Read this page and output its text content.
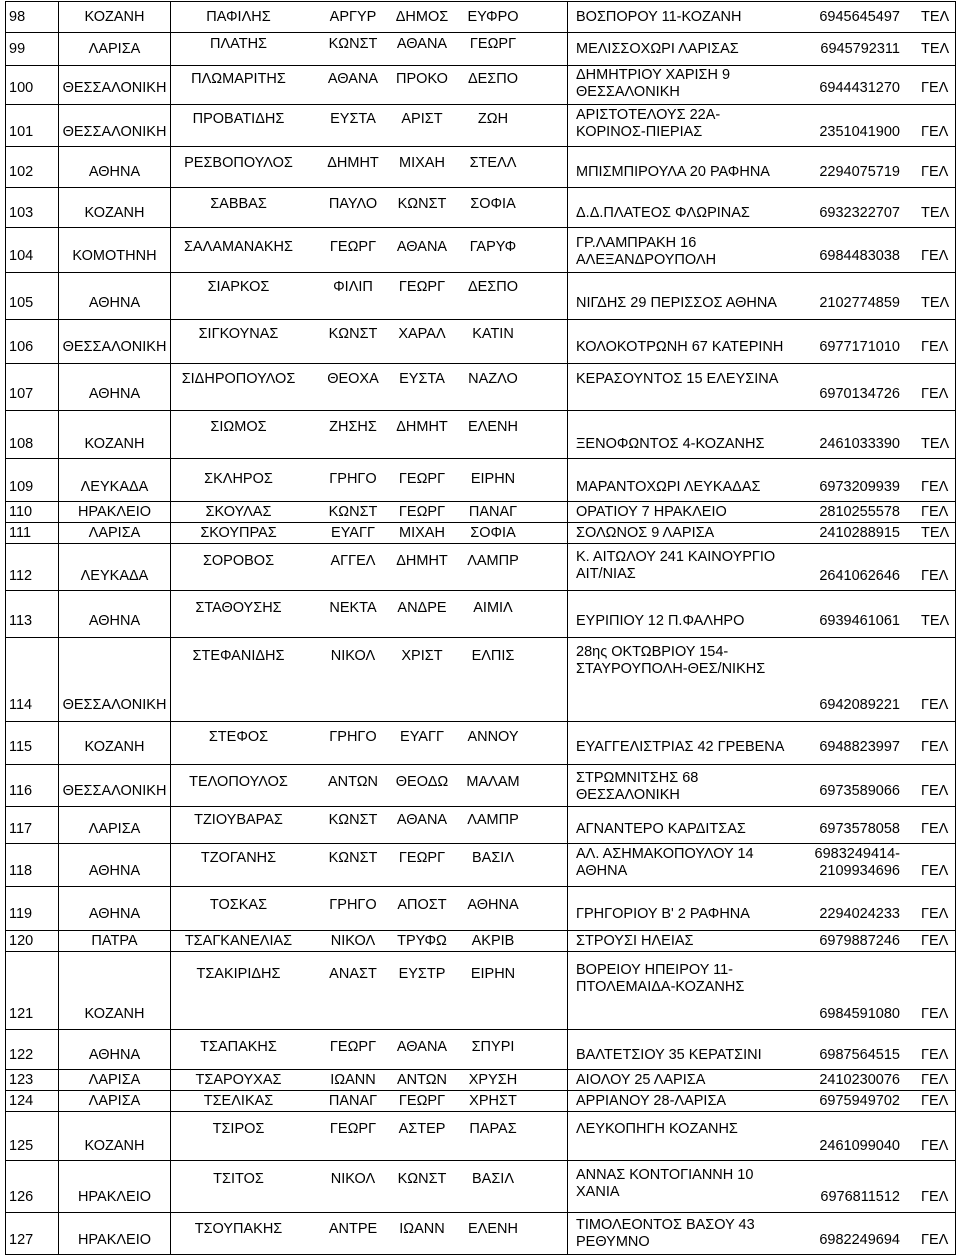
98	ΚΟΖΑΝΗ	ΠΑΦΙΛΗΣ ΑΡΓΥΡ ΔΗΜΟΣ ΕΥΦΡΟ	ΒΟΣΠΟΡΟΥ 11-ΚΟΖΑΝΗ 6945645497 ΤΕΛ

99	ΛΑΡΙΣΑ	ΠΛΑΤΗΣ ΚΩΝΣΤ ΑΘΑΝΑ ΓΕΩΡΓ	ΜΕΛΙΣΣΟΧΩΡΙ ΛΑΡΙΣΑΣ 6945792311 ΤΕΛ

100	ΘΕΣΣΑΛΟΝΙΚΗ	ΠΛΩΜΑΡΙΤΗΣ ΑΘΑΝΑ ΠΡΟΚΟ ΔΕΣΠΟ	ΔΗΜΗΤΡΙΟΥ ΧΑΡΙΣΗ 9
ΘΕΣΣΑΛΟΝΙΚΗ 6944431270 ΓΕΛ

101	ΘΕΣΣΑΛΟΝΙΚΗ	ΠΡΟΒΑΤΙΔΗΣ ΕΥΣΤΑ ΑΡΙΣΤ ΖΩΗ	ΑΡΙΣΤΟΤΕΛΟΥΣ 22Α-
ΚΟΡΙΝΟΣ-ΠΙΕΡΙΑΣ 2351041900 ΓΕΛ

102	ΑΘΗΝΑ	ΡΕΣΒΟΠΟΥΛΟΣ ΔΗΜΗΤ ΜΙΧΑΗ ΣΤΕΛΛ	ΜΠΙΣΜΠΙΡΟΥΛΑ 20 ΡΑΦΗΝΑ 2294075719 ΓΕΛ

103	ΚΟΖΑΝΗ	ΣΑΒΒΑΣ ΠΑΥΛΟ ΚΩΝΣΤ ΣΟΦΙΑ	Δ.Δ.ΠΛΑΤΕΟΣ ΦΛΩΡΙΝΑΣ 6932322707 ΤΕΛ

104	ΚΟΜΟΤΗΝΗ	ΣΑΛΑΜΑΝΑΚΗΣ ΓΕΩΡΓ ΑΘΑΝΑ ΓΑΡΥΦ	ΓΡ.ΛΑΜΠΡΑΚΗ 16
ΑΛΕΞΑΝΔΡΟΥΠΟΛΗ 6984483038 ΓΕΛ

105	ΑΘΗΝΑ	ΣΙΑΡΚΟΣ ΦΙΛΙΠ ΓΕΩΡΓ ΔΕΣΠΟ	ΝΙΓΔΗΣ 29 ΠΕΡΙΣΣΟΣ ΑΘΗΝΑ 2102774859 ΤΕΛ

106	ΘΕΣΣΑΛΟΝΙΚΗ	ΣΙΓΚΟΥΝΑΣ ΚΩΝΣΤ ΧΑΡΑΛ ΚΑΤΙΝ	ΚΟΛΟΚΟΤΡΩΝΗ 67 ΚΑΤΕΡΙΝΗ 6977171010 ΓΕΛ

107	ΑΘΗΝΑ	ΣΙΔΗΡΟΠΟΥΛΟΣ ΘΕΟΧΑ ΕΥΣΤΑ ΝΑΖΛΟ	ΚΕΡΑΣΟΥΝΤΟΣ 15 ΕΛΕΥΣΙΝΑ
6970134726 ΓΕΛ

108	ΚΟΖΑΝΗ	ΣΙΩΜΟΣ ΖΗΣΗΣ ΔΗΜΗΤ ΕΛΕΝΗ	ΞΕΝΟΦΩΝΤΟΣ 4-ΚΟΖΑΝΗΣ 2461033390 ΤΕΛ

109	ΛΕΥΚΑΔΑ	ΣΚΛΗΡΟΣ ΓΡΗΓΟ ΓΕΩΡΓ ΕΙΡΗΝ	ΜΑΡΑΝΤΟΧΩΡΙ ΛΕΥΚΑΔΑΣ 6973209939 ΓΕΛ

110	ΗΡΑΚΛΕΙΟ	ΣΚΟΥΛΑΣ ΚΩΝΣΤ ΓΕΩΡΓ ΠΑΝΑΓ	ΟΡΑΤΙΟΥ 7 ΗΡΑΚΛΕΙΟ 2810255578 ΓΕΛ

111	ΛΑΡΙΣΑ	ΣΚΟΥΠΡΑΣ ΕΥΑΓΓ ΜΙΧΑΗ ΣΟΦΙΑ	ΣΟΛΩΝΟΣ 9 ΛΑΡΙΣΑ 2410288915 ΤΕΛ

112	ΛΕΥΚΑΔΑ	ΣΟΡΟΒΟΣ ΑΓΓΕΛ ΔΗΜΗΤ ΛΑΜΠΡ	Κ. ΑΙΤΩΛΟΥ 241 ΚΑΙΝΟΥΡΓΙΟ
ΑΙΤ/ΝΙΑΣ 2641062646 ΓΕΛ

113	ΑΘΗΝΑ	ΣΤΑΘΟΥΣΗΣ ΝΕΚΤΑ ΑΝΔΡΕ ΑΙΜΙΛ	ΕΥΡΙΠΙΟΥ 12 Π.ΦΑΛΗΡΟ 6939461061 ΤΕΛ

114	ΘΕΣΣΑΛΟΝΙΚΗ	ΣΤΕΦΑΝΙΔΗΣ ΝΙΚΟΛ ΧΡΙΣΤ ΕΛΠΙΣ	28ης ΟΚΤΩΒΡΙΟΥ 154-
ΣΤΑΥΡΟΥΠΟΛΗ-ΘΕΣ/ΝΙΚΗΣ
6942089221 ΓΕΛ

115	ΚΟΖΑΝΗ	ΣΤΕΦΟΣ ΓΡΗΓΟ ΕΥΑΓΓ ΑΝΝΟΥ	ΕΥΑΓΓΕΛΙΣΤΡΙΑΣ 42 ΓΡΕΒΕΝΑ 6948823997 ΓΕΛ

116	ΘΕΣΣΑΛΟΝΙΚΗ	ΤΕΛΟΠΟΥΛΟΣ ΑΝΤΩΝ ΘΕΟΔΩ ΜΑΛΑΜ	ΣΤΡΩΜΝΙΤΣΗΣ 68
ΘΕΣΣΑΛΟΝΙΚΗ 6973589066 ΓΕΛ

117	ΛΑΡΙΣΑ	ΤΖΙΟΥΒΑΡΑΣ ΚΩΝΣΤ ΑΘΑΝΑ ΛΑΜΠΡ	ΑΓΝΑΝΤΕΡΟ ΚΑΡΔΙΤΣΑΣ 6973578058 ΓΕΛ

118	ΑΘΗΝΑ	ΤΖΟΓΑΝΗΣ ΚΩΝΣΤ ΓΕΩΡΓ ΒΑΣΙΛ	ΑΛ. ΑΣΗΜΑΚΟΠΟΥΛΟΥ 14
ΑΘΗΝΑ
6983249414-
2109934696 ΓΕΛ

119	ΑΘΗΝΑ	ΤΟΣΚΑΣ ΓΡΗΓΟ ΑΠΟΣΤ ΑΘΗΝΑ	ΓΡΗΓΟΡΙΟΥ Β' 2 ΡΑΦΗΝΑ 2294024233 ΓΕΛ

120	ΠΑΤΡΑ	ΤΣΑΓΚΑΝΕΛΙΑΣ ΝΙΚΟΛ ΤΡΥΦΩ ΑΚΡΙΒ	ΣΤΡΟΥΣΙ ΗΛΕΙΑΣ 6979887246 ΓΕΛ

121	ΚΟΖΑΝΗ	ΤΣΑΚΙΡΙΔΗΣ ΑΝΑΣΤ ΕΥΣΤΡ ΕΙΡΗΝ	ΒΟΡΕΙΟΥ ΗΠΕΙΡΟΥ 11-
ΠΤΟΛΕΜΑΙΔΑ-ΚΟΖΑΝΗΣ
6984591080 ΓΕΛ

122	ΑΘΗΝΑ	ΤΣΑΠΑΚΗΣ ΓΕΩΡΓ ΑΘΑΝΑ ΣΠΥΡΙ	ΒΑΛΤΕΤΣΙΟΥ 35 ΚΕΡΑΤΣΙΝΙ 6987564515 ΓΕΛ

123	ΛΑΡΙΣΑ	ΤΣΑΡΟΥΧΑΣ ΙΩΑΝΝ ΑΝΤΩΝ ΧΡΥΣΗ	ΑΙΟΛΟΥ 25 ΛΑΡΙΣΑ 2410230076 ΓΕΛ

124	ΛΑΡΙΣΑ	ΤΣΕΛΙΚΑΣ ΠΑΝΑΓ ΓΕΩΡΓ ΧΡΗΣΤ	ΑΡΡΙΑΝΟΥ 28-ΛΑΡΙΣΑ 6975949702 ΓΕΛ

125	ΚΟΖΑΝΗ	ΤΣΙΡΟΣ ΓΕΩΡΓ ΑΣΤΕΡ ΠΑΡΑΣ	ΛΕΥΚΟΠΗΓΗ ΚΟΖΑΝΗΣ
2461099040 ΓΕΛ

126	ΗΡΑΚΛΕΙΟ	ΤΣΙΤΟΣ ΝΙΚΟΛ ΚΩΝΣΤ ΒΑΣΙΛ	ΑΝΝΑΣ ΚΟΝΤΟΓΙΑΝΝΗ 10
ΧΑΝΙΑ 6976811512 ΓΕΛ

127	ΗΡΑΚΛΕΙΟ	ΤΣΟΥΠΑΚΗΣ ΑΝΤΡΕ ΙΩΑΝΝ ΕΛΕΝΗ	ΤΙΜΟΛΕΟΝΤΟΣ ΒΑΣΟΥ 43
ΡΕΘΥΜΝΟ 6982249694 ΓΕΛ
